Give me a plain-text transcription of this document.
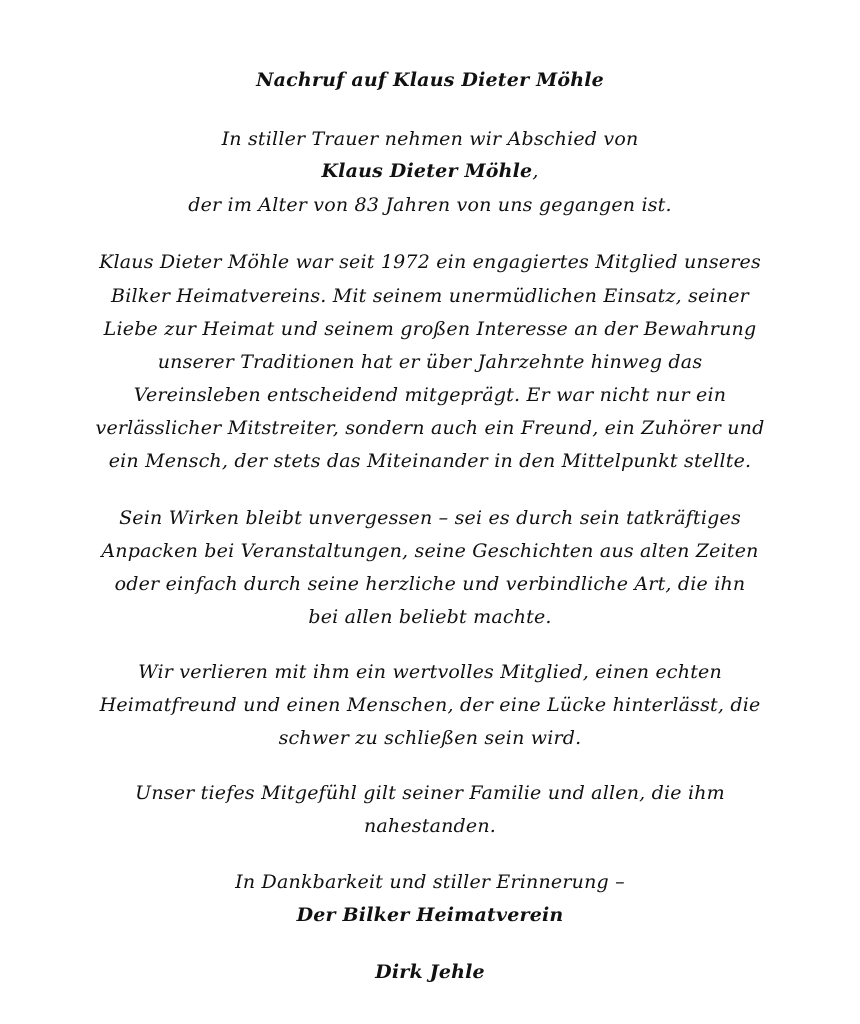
Nachruf auf Klaus Dieter Möhle
In stiller Trauer nehmen wir Abschied von
Klaus Dieter Möhle,
der im Alter von 83 Jahren von uns gegangen ist.
Klaus Dieter Möhle war seit 1972 ein engagiertes Mitglied unseres
Bilker Heimatvereins. Mit seinem unermüdlichen Einsatz, seiner
Liebe zur Heimat und seinem großen Interesse an der Bewahrung
unserer Traditionen hat er über Jahrzehnte hinweg das
Vereinsleben entscheidend mitgeprägt. Er war nicht nur ein
verlässlicher Mitstreiter, sondern auch ein Freund, ein Zuhörer und
ein Mensch, der stets das Miteinander in den Mittelpunkt stellte.
Sein Wirken bleibt unvergessen – sei es durch sein tatkräftiges
Anpacken bei Veranstaltungen, seine Geschichten aus alten Zeiten
oder einfach durch seine herzliche und verbindliche Art, die ihn
bei allen beliebt machte.
Wir verlieren mit ihm ein wertvolles Mitglied, einen echten
Heimatfreund und einen Menschen, der eine Lücke hinterlässt, die
schwer zu schließen sein wird.
Unser tiefes Mitgefühl gilt seiner Familie und allen, die ihm
nahestanden.
In Dankbarkeit und stiller Erinnerung –
Der Bilker Heimatverein
Dirk Jehle
